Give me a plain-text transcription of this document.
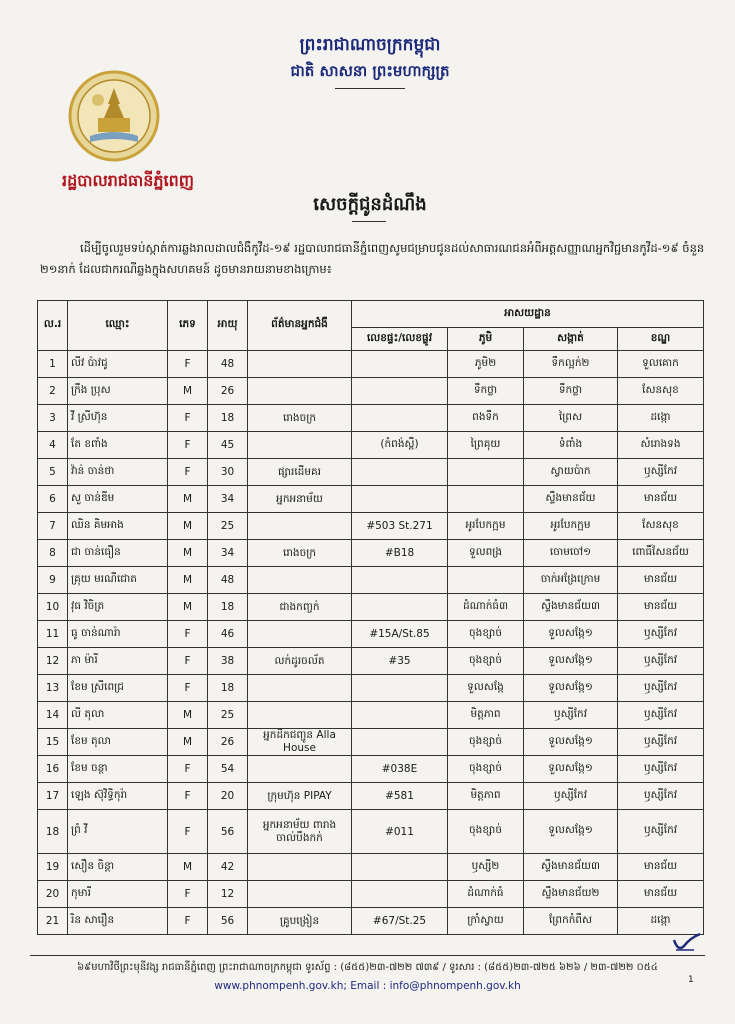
ព្រះរាជាណាចក្រកម្ពុជា
ជាតិ សាសនា ព្រះមហាក្សត្រ
រដ្ឋបាលរាជធានីភ្នំពេញ
សេចក្តីជូនដំណឹង
ដើម្បីចូលរួមទប់ស្កាត់ការឆ្លងរាលដាលជំងឺកូវីដ-១៩ រដ្ឋបាលរាជធានីភ្នំពេញសូមជម្រាបជូនដល់សាធារណជនអំពីអត្តសញ្ញាណអ្នកវិជ្ជមានកូវីដ-១៩ ចំនួន ២១នាក់ ដែលជាករណីឆ្លងក្នុងសហគមន៍ ដូចមានរាយនាមខាងក្រោម៖
ល.រ	ឈ្មោះ	ភេទ	អាយុ	ព័ត៌មានអ្នកជំងឺ	អាសយដ្ឋាន			
					លេខផ្ទះ/លេខផ្លូវ	ភូមិ	សង្កាត់	ខណ្ឌ
1	លីវ ប៉ាវជូ	F	48			ភូមិ២	ទឹកល្អក់២	ទួលគោក
2	ក្រឹង ប្រុស	M	26			ទឹកថ្លា	ទឹកថ្លា	សែនសុខ
3	វី ស្រីហ៊ុន	F	18	រោងចក្រ		ពងទឹក	ព្រៃស	ដង្កោ
4	តែ ខពាំង	F	45		(កំពង់ស្ពឺ)	ព្រៃគុយ	ទំពាំង	សំរោងទង
5	វ៉ាន់ ចាន់ថា	F	30	ផ្សារដើមគរ			ស្វាយប៉ាក	ឫស្សីកែវ
6	សួ ចាន់ឌីម	M	34	អ្នកអនាម័យ			ស្ទឹងមានជ័យ	មានជ័យ
7	ឈិន គិមអាង	M	25		#503 St.271	អូរបែកក្អម	អូរបែកក្អម	សែនសុខ
8	ជា ចាន់ធឿន	M	34	រោងចក្រ	#B18	ទួលពង្រ	ចោមចៅ១	ពោធិ៍សែនជ័យ
9	គ្រុយ មរណីជោត	M	48				ចាក់អង្រែក្រោម	មានជ័យ
10	វុធ វិចិត្រ	M	18	ជាងកញ្ចក់		ដំណាក់ធំ៣	ស្ទឹងមានជ័យ៣	មានជ័យ
11	ធូ ចាន់ណារ៉ា	F	46		#15A/St.85	ចុងខ្សាច់	ទួលសង្កែ១	ឫស្សីកែវ
12	ភា ម៉ារី	F	38	លក់ដូរចល័ត	#35	ចុងខ្សាច់	ទួលសង្កែ១	ឫស្សីកែវ
13	ខែម ស្រីពេជ្រ	F	18			ទួលសង្កែ	ទួលសង្កែ១	ឫស្សីកែវ
14	លី តុលា	M	25			មិត្តភាព	ឫស្សីកែវ	ឫស្សីកែវ
15	ខែម តុលា	M	26	អ្នកដឹកជញ្ជូន Alla House		ចុងខ្សាច់	ទួលសង្កែ១	ឫស្សីកែវ
16	ខែម ចន្ថា	F	54		#038E	ចុងខ្សាច់	ទួលសង្កែ១	ឫស្សីកែវ
17	ឡេង ស៊ុវិទ្ធិកុរ៉ា	F	20	ក្រុមហ៊ុន PIPAY	#581	មិត្តភាព	ឫស្សីកែវ	ឫស្សីកែវ
18	ព្រំ វី	F	56	អ្នកអនាម័យ ពារាងចាល់បឹងកក់	#011	ចុងខ្សាច់	ទួលសង្កែ១	ឫស្សីកែវ
19	សឿន ចិន្តា	M	42			ឫស្សី២	ស្ទឹងមានជ័យ៣	មានជ័យ
20	កុមារី	F	12			ដំណាក់ធំ	ស្ទឹងមានជ័យ២	មានជ័យ
21	រិន សារឿន	F	56	គ្រូបង្រៀន	#67/St.25	ក្រាំស្វាយ	ព្រែកកំពឹស	ដង្កោ
៦៩មហាវិថីព្រះមុនីវង្ស រាជធានីភ្នំពេញ ព្រះរាជាណាចក្រកម្ពុជា ទូរស័ព្ទ : (៨៥៥)២៣-៧២២ ៧៣៩ / ទូរសារ : (៨៥៥)២៣-៧២៥ ៦២៦ / ២៣-៧២២ ០៥៤
www.phnompenh.gov.kh; Email : info@phnompenh.gov.kh	1
